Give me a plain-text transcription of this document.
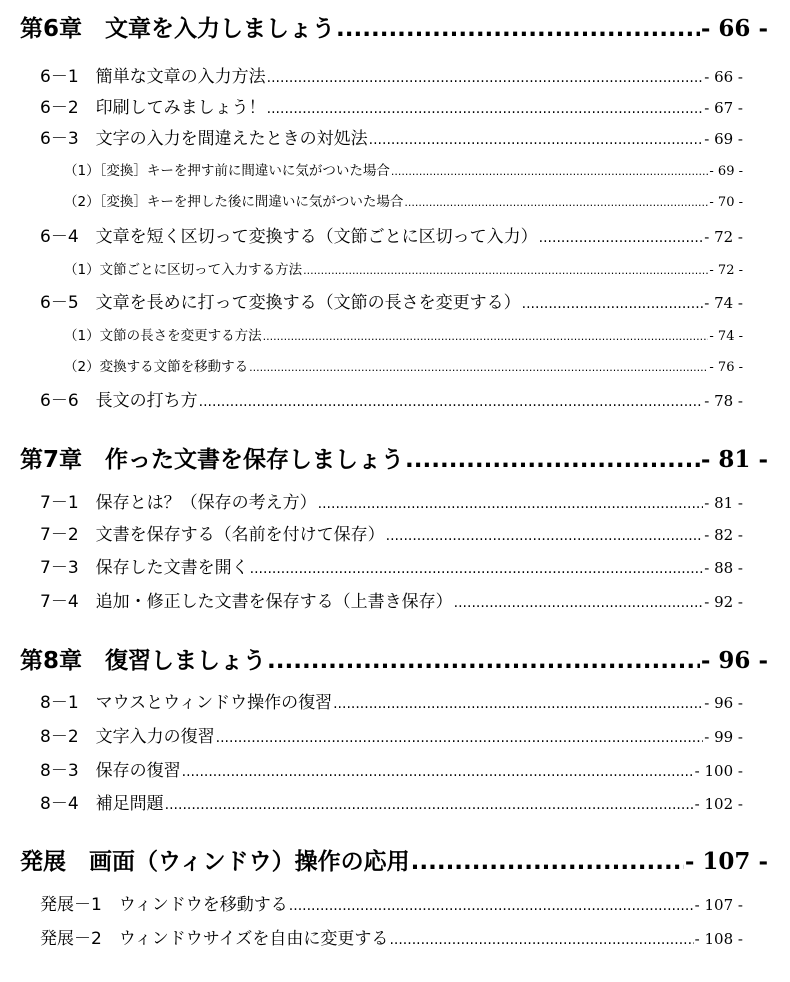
第6章　文章を入力しましょう .....	- 66 -
6－1　簡単な文章の入力方法 .....	- 66 -
6－2　印刷してみましょう！ .....	- 67 -
6－3　文字の入力を間違えたときの対処法 .....	- 69 -
（1）［変換］キーを押す前に間違いに気がついた場合 .....	- 69 -
（2）［変換］キーを押した後に間違いに気がついた場合 .....	- 70 -
6－4　文章を短く区切って変換する（文節ごとに区切って入力） .....	- 72 -
（1）文節ごとに区切って入力する方法 .....	- 72 -
6－5　文章を長めに打って変換する（文節の長さを変更する） .....	- 74 -
（1）文節の長さを変更する方法 .....	- 74 -
（2）変換する文節を移動する .....	- 76 -
6－6　長文の打ち方 .....	- 78 -
第7章　作った文書を保存しましょう .....	- 81 -
7－1　保存とは？（保存の考え方） .....	- 81 -
7－2　文書を保存する（名前を付けて保存） .....	- 82 -
7－3　保存した文書を開く .....	- 88 -
7－4　追加・修正した文書を保存する（上書き保存） .....	- 92 -
第8章　復習しましょう .....	- 96 -
8－1　マウスとウィンドウ操作の復習 .....	- 96 -
8－2　文字入力の復習 .....	- 99 -
8－3　保存の復習 .....	- 100 -
8－4　補足問題 .....	- 102 -
発展　画面（ウィンドウ）操作の応用 .....	- 107 -
発展－1　ウィンドウを移動する .....	- 107 -
発展－2　ウィンドウサイズを自由に変更する .....	- 108 -
